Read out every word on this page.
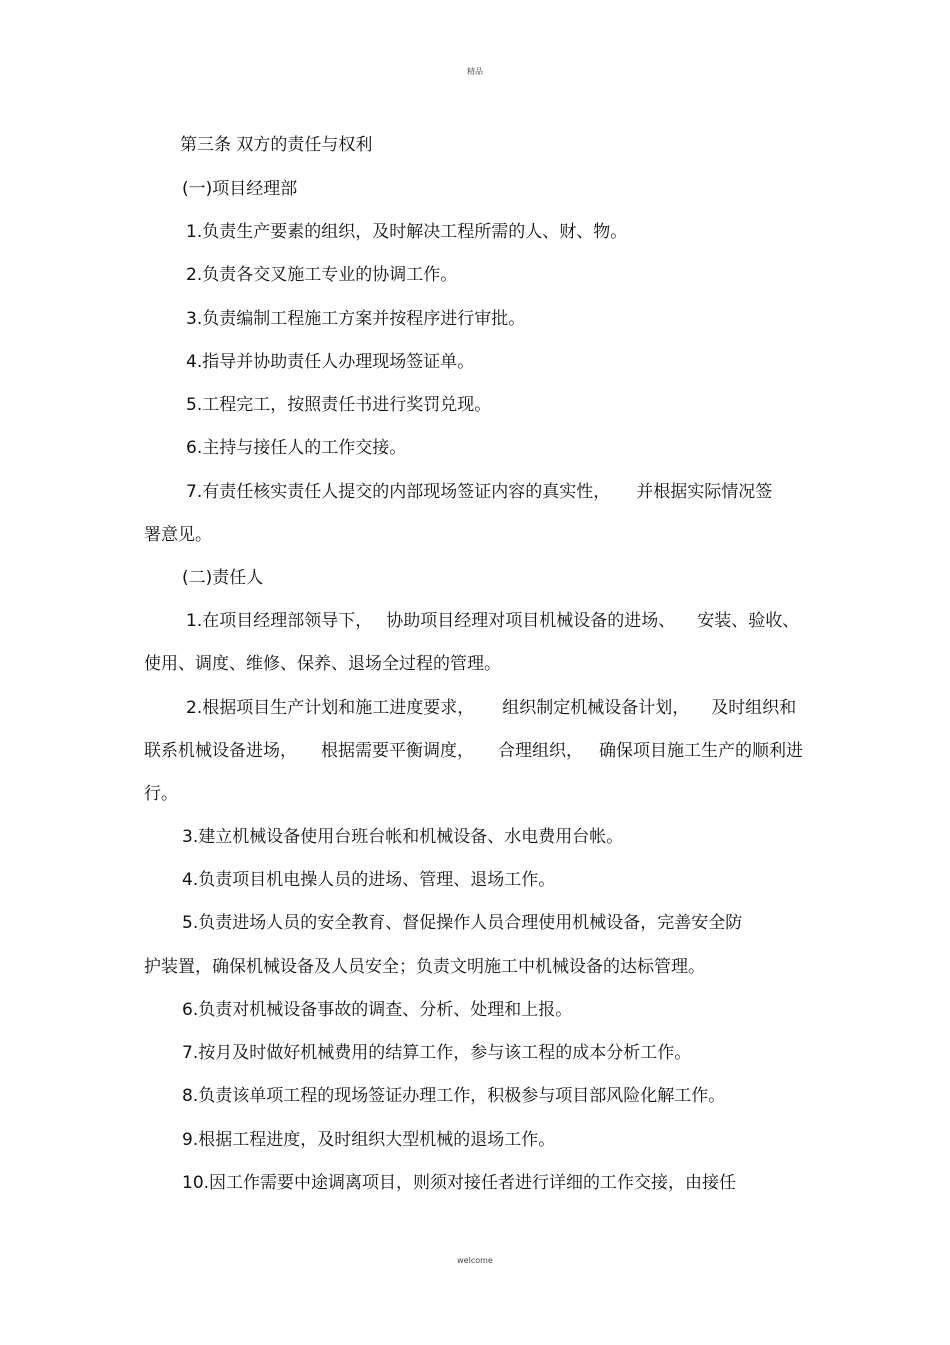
精品
第三条 双方的责任与权利
(一)项目经理部
1.负责生产要素的组织，及时解决工程所需的人、财、物。
2.负责各交叉施工专业的协调工作。
3.负责编制工程施工方案并按程序进行审批。
4.指导并协助责任人办理现场签证单。
5.工程完工，按照责任书进行奖罚兑现。
6.主持与接任人的工作交接。
7.有责任核实责任人提交的内部现场签证内容的真实性， 并根据实际情况签
署意见。
(二)责任人
1.在项目经理部领导下， 协助项目经理对项目机械设备的进场、 安装、验收、
使用、调度、维修、保养、退场全过程的管理。
2.根据项目生产计划和施工进度要求， 组织制定机械设备计划， 及时组织和
联系机械设备进场， 根据需要平衡调度， 合理组织， 确保项目施工生产的顺利进
行。
3.建立机械设备使用台班台帐和机械设备、水电费用台帐。
4.负责项目机电操人员的进场、管理、退场工作。
5.负责进场人员的安全教育、督促操作人员合理使用机械设备，完善安全防
护装置，确保机械设备及人员安全；负责文明施工中机械设备的达标管理。
6.负责对机械设备事故的调查、分析、处理和上报。
7.按月及时做好机械费用的结算工作，参与该工程的成本分析工作。
8.负责该单项工程的现场签证办理工作，积极参与项目部风险化解工作。
9.根据工程进度，及时组织大型机械的退场工作。
10.因工作需要中途调离项目，则须对接任者进行详细的工作交接，由接任
welcome
